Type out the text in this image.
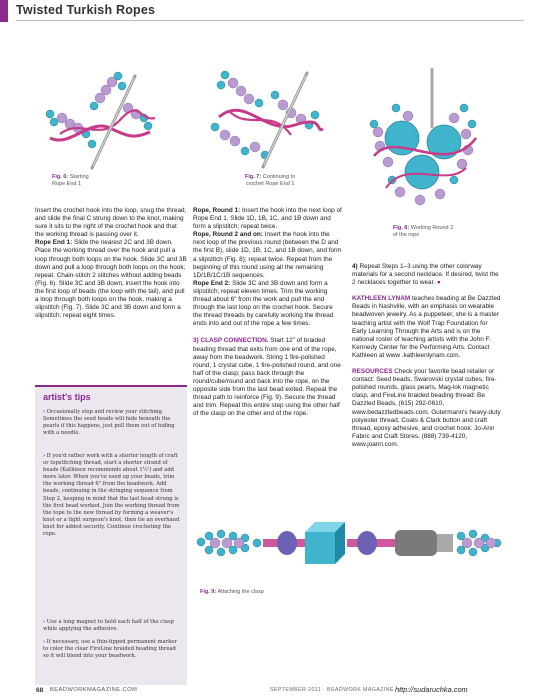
Twisted Turkish Ropes
Fig. 6: Starting
Rope End 1
Fig. 7: Continuing to
crochet Rope End 1
Fig. 8: Working Round 2
of the rope

Insert the crochet hook into the loop, snug the thread, and slide the final C strung down to the knot, making sure it sits to the right of the crochet hook and that the working thread is passing over it.

Rope End 1: Slide the nearest 2C and 3B down. Place the working thread over the hook and pull a loop through both loops on the hook. Slide 3C and 3B down and pull a loop through both loops on the hook; repeat. Chain-stitch 2 stitches without adding beads (Fig. 6). Slide 3C and 3B down, insert the hook into the first loop of beads (the loop with the tail), and pull a loop through both loops on the hook, making a slipstitch (Fig. 7). Slide 3C and 3B down and form a slipstitch; repeat eight times.

artist's tips
› Occasionally stop and review your stitching. Sometimes the seed beads will hide beneath the pearls if this happens, just pull them out of hiding with a needle.
› If you'd rather work with a shorter length of craft or topstitching thread, start a shorter strand of beads (Kathleen recommends about 1½') and add more later. When you've used up your beads, trim the working thread 6" from the beadwork. Add beads, continuing in the stringing sequence from Step 2, keeping in mind that the last bead strung is the first bead worked. Join the working thread from the tope to the new thread by forming a weaver's knot or a tight surgeon's knot, then tie an overhand knot for added security. Continue crocheting the rope.
› Use a long magnet to hold each half of the clasp while applying the adhesive.
› If necessary, use a thin-tipped permanent marker to color the clear FireLine braided beading thread so it will blend into your beadwork.

Rope, Round 1: Insert the hook into the next loop of Rope End 1. Slide 1D, 1B, 1C, and 1B down and form a slipstitch; repeat twice.

Rope, Round 2 and on: Insert the hook into the next loop of the previous round (between the D and the first B), slide 1D, 1B, 1C, and 1B down, and form a slipstitch (Fig. 8); repeat twice. Repeat from the beginning of this round using all the remaining 1D/1B/1C/1B sequences.

Rope End 2: Slide 3C and 3B down and form a slipstitch; repeat eleven times. Trim the working thread about 6" from the work and pull the end through the last loop on the crochet hook. Secure the thread threads by carefully working the thread ends into and out of the rope a few times.

3) CLASP CONNECTION. Start 12" of braided beading thread that exits from one end of the rope, away from the beadwork. String 1 fire-polished round, 1 crystal cube, 1 fire-polished round, and one half of the clasp; pass back through the round/cube/round and back into the rope, on the opposite side from the last bead exited. Repeat the thread path to reinforce (Fig. 9). Secure the thread and trim. Repeat this entire step using the other half of the clasp on the other end of the rope.

4) Repeat Steps 1–3 using the other colorway materials for a second necklace. If desired, twist the 2 necklaces together to wear. ●

KATHLEEN LYNAM teaches beading at Be Dazzled Beads in Nashville, with an emphasis on wearable beadwoven jewelry. As a puppeteer, she is a master teaching artist with the Wolf Trap Foundation for Early Learning Through the Arts and is on the national roster of teaching artists with the John F. Kennedy Center for the Performing Arts. Contact Kathleen at www .kathleenlynam.com.

RESOURCES Check your favorite bead retailer or contact: Seed beads, Swarovski crystal cubes, fire-polished rounds, glass pearls, Mag-lok magnetic clasp, and FireLine braided beading thread: Be Dazzled Beads, (615) 292-0610, www.bedazzledbeads.com. Gutermann's heavy-duty polyester thread, Coats & Clark button and craft thread, epoxy adhesive, and crochet hook: Jo-Ann Fabric and Craft Stores, (888) 739-4120, www.joann.com.

Fig. 9: Attaching the clasp
68 BEADWORKMAGAZINE.COM	SEPTEMBER 2011 · BEADWORK MAGAZINE http://sudaruchka.com
